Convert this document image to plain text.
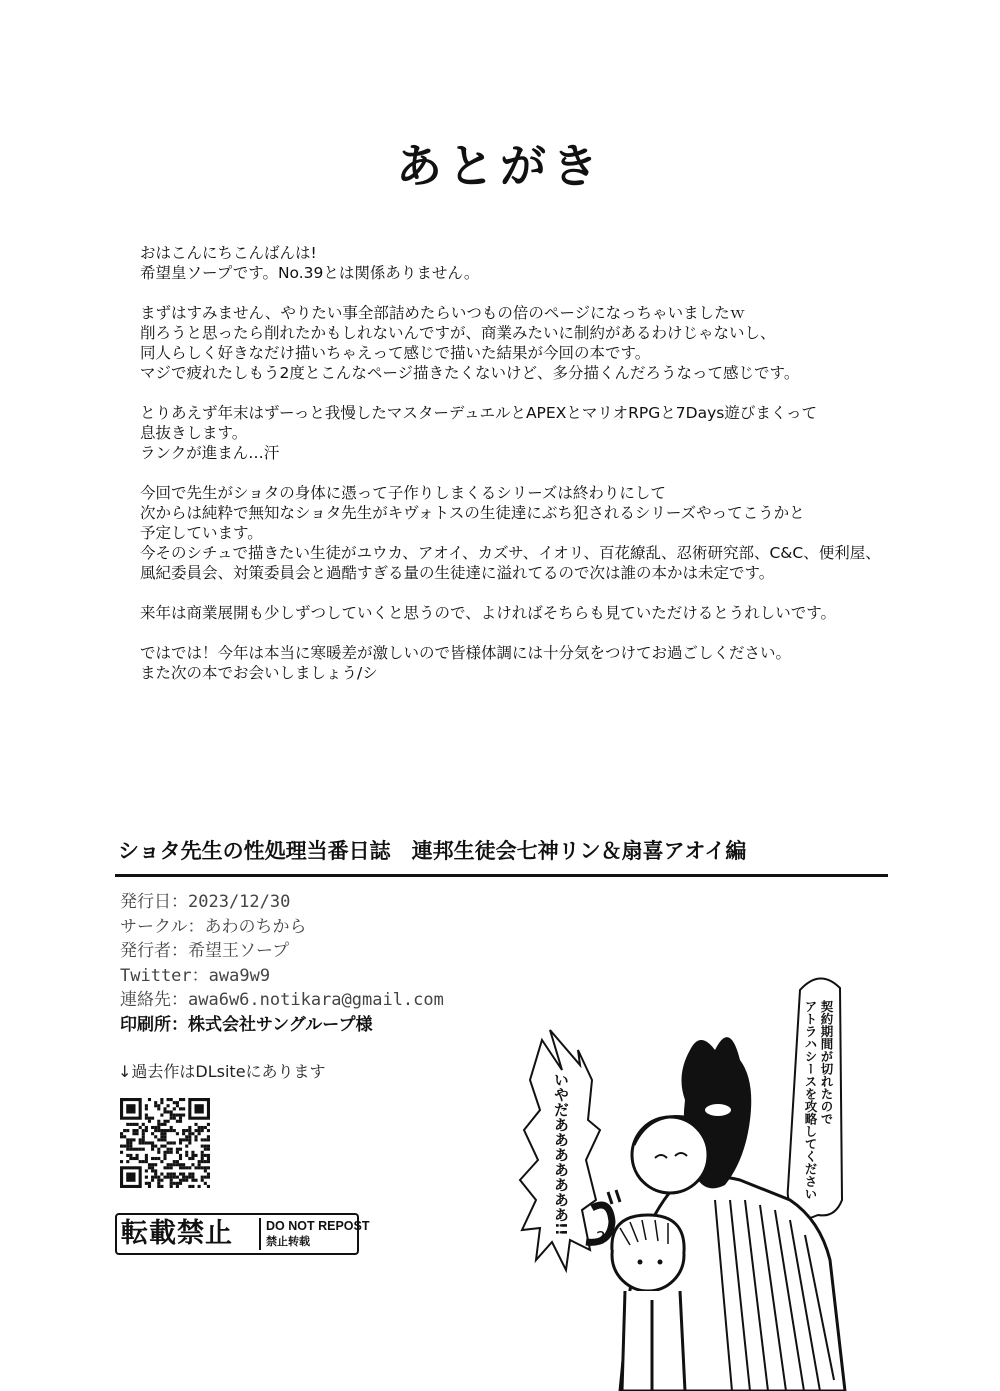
あとがき
おはこんにちこんばんは!
希望皇ソープです。No.39とは関係ありません。
まずはすみません、やりたい事全部詰めたらいつもの倍のページになっちゃいましたｗ
削ろうと思ったら削れたかもしれないんですが、商業みたいに制約があるわけじゃないし、
同人らしく好きなだけ描いちゃえって感じで描いた結果が今回の本です。
マジで疲れたしもう2度とこんなページ描きたくないけど、多分描くんだろうなって感じです。
とりあえず年末はずーっと我慢したマスターデュエルとAPEXとマリオRPGと7Days遊びまくって
息抜きします。
ランクが進まん…汗
今回で先生がショタの身体に憑って子作りしまくるシリーズは終わりにして
次からは純粋で無知なショタ先生がキヴォトスの生徒達にぶち犯されるシリーズやってこうかと
予定しています。
今そのシチュで描きたい生徒がユウカ、アオイ、カズサ、イオリ、百花繚乱、忍術研究部、C&C、便利屋、
風紀委員会、対策委員会と過酷すぎる量の生徒達に溢れてるので次は誰の本かは未定です。
来年は商業展開も少しずつしていくと思うので、よければそちらも見ていただけるとうれしいです。
ではでは！今年は本当に寒暖差が激しいので皆様体調には十分気をつけてお過ごしください。
また次の本でお会いしましょう/シ
ショタ先生の性処理当番日誌　連邦生徒会七神リン＆扇喜アオイ編
発行日：2023/12/30
サークル：あわのちから
発行者：希望王ソープ
Twitter：awa9w9
連絡先：awa6w6.notikara@gmail.com
印刷所：株式会社サングループ様
↓過去作はDLsiteにあります
転載禁止	DO NOT REPOST
禁止转载
契約期間が切れたので
アトラハシースを攻略してください
いやだあああああああ!!
?
